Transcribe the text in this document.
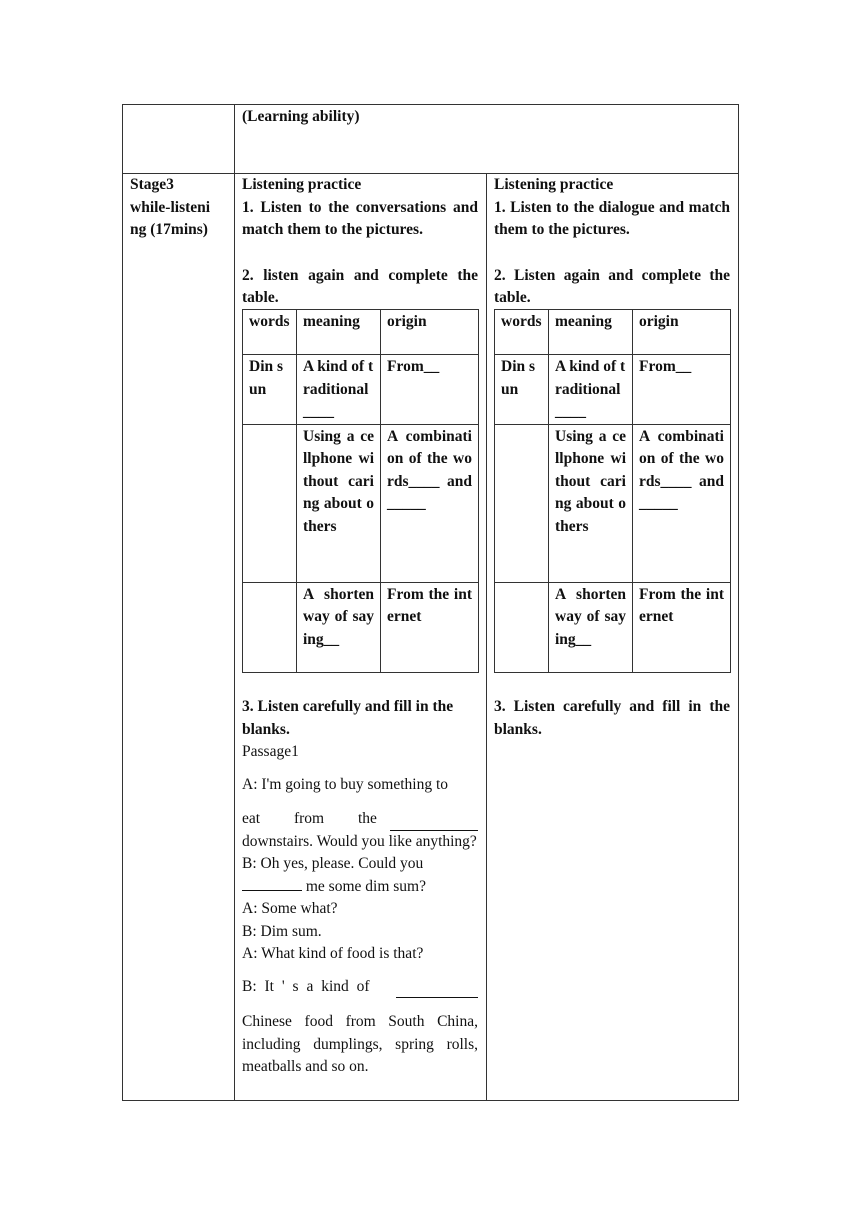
(Learning ability)
Stage3
while-listeni
ng (17mins)
Listening practice
1. Listen to the conversations and match them to the pictures.
2. listen again and complete the table.
words	meaning	origin
Din sun	A kind of traditional ____	From__
	Using a cellphone without caring about others	A combination of the words____ and_____
	A shorten way of saying__	From the internet
3. Listen carefully and fill in the blanks.
Passage1
A: I'm going to buy something to
eat from the
downstairs. Would you like anything?
B: Oh yes, please. Could you
me some dim sum?
A: Some what?
B: Dim sum.
A: What kind of food is that?
B: It ' s a kind of
Chinese food from South China, including dumplings, spring rolls, meatballs and so on.
Listening practice
1. Listen to the dialogue and match them to the pictures.
2. Listen again and complete the table.
words	meaning	origin
Din sun	A kind of traditional ____	From__
	Using a cellphone without caring about others	A combination of the words____ and_____
	A shorten way of saying__	From the internet
3. Listen carefully and fill in the blanks.
